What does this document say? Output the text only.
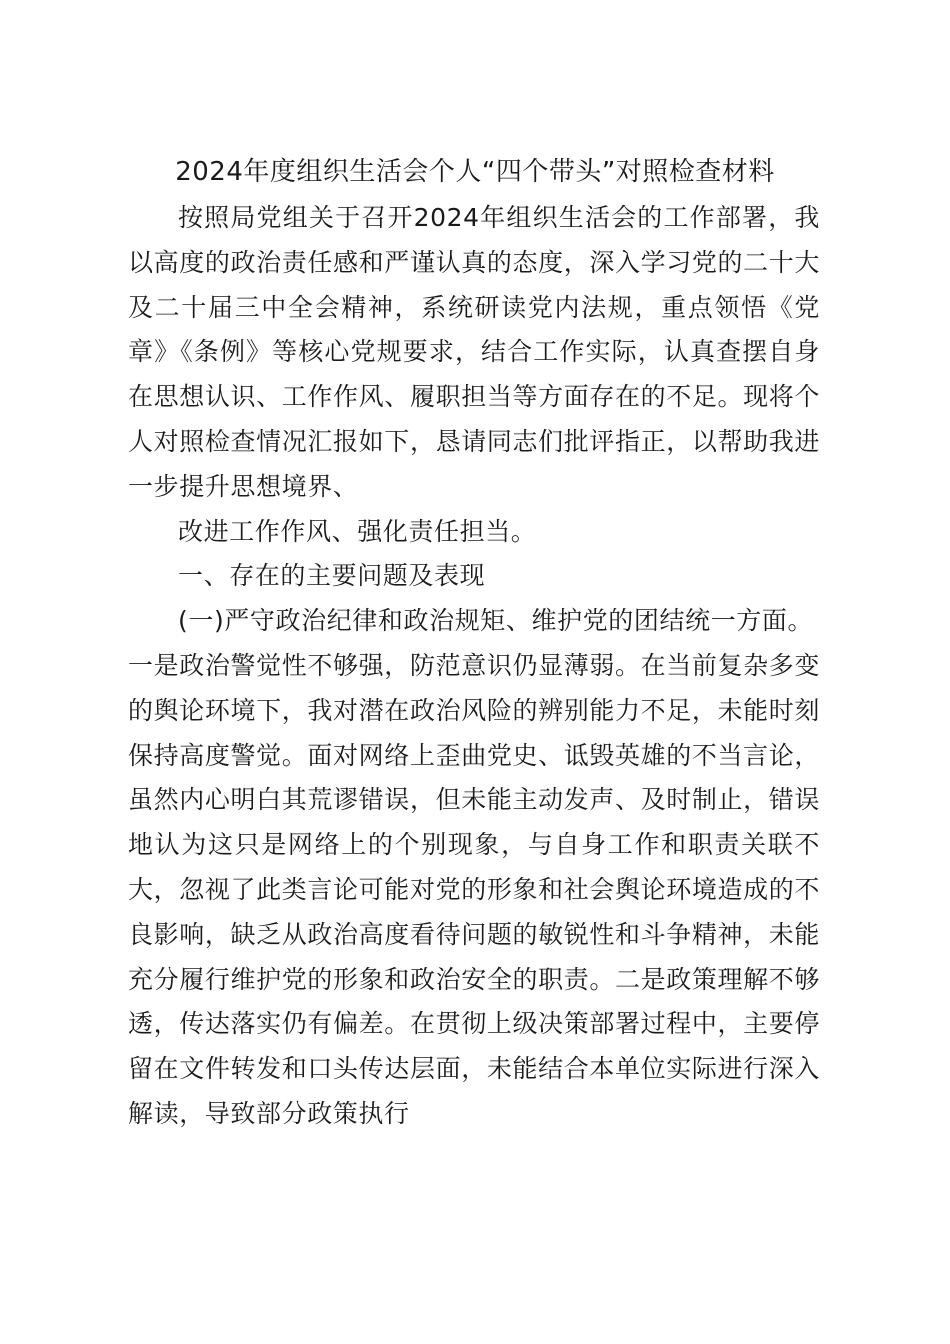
2024年度组织生活会个人“四个带头”对照检查材料

按照局党组关于召开2024年组织生活会的工作部署，我以高度的政治责任感和严谨认真的态度，深入学习党的二十大及二十届三中全会精神，系统研读党内法规，重点领悟《党章》《条例》等核心党规要求，结合工作实际，认真查摆自身在思想认识、工作作风、履职担当等方面存在的不足。现将个人对照检查情况汇报如下，恳请同志们批评指正，以帮助我进一步提升思想境界、

改进工作作风、强化责任担当。

一、存在的主要问题及表现

(一)严守政治纪律和政治规矩、维护党的团结统一方面。

一是政治警觉性不够强，防范意识仍显薄弱。在当前复杂多变的舆论环境下，我对潜在政治风险的辨别能力不足，未能时刻保持高度警觉。面对网络上歪曲党史、诋毁英雄的不当言论，虽然内心明白其荒谬错误，但未能主动发声、及时制止，错误地认为这只是网络上的个别现象，与自身工作和职责关联不大，忽视了此类言论可能对党的形象和社会舆论环境造成的不良影响，缺乏从政治高度看待问题的敏锐性和斗争精神，未能充分履行维护党的形象和政治安全的职责。二是政策理解不够透，传达落实仍有偏差。在贯彻上级决策部署过程中，主要停留在文件转发和口头传达层面，未能结合本单位实际进行深入解读，导致部分政策执行
